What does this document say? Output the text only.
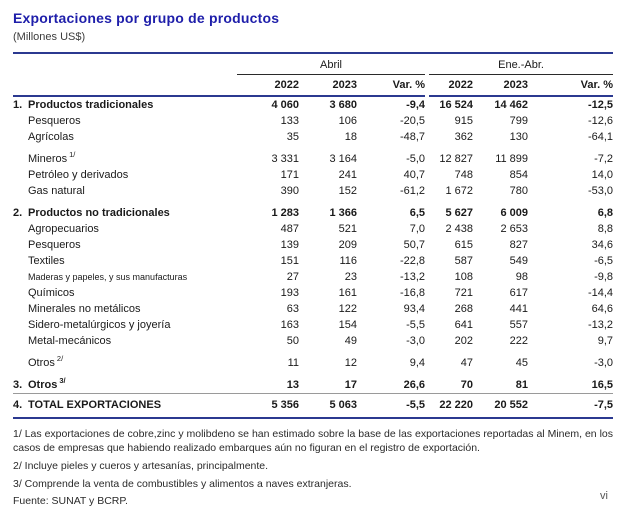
Exportaciones por grupo de productos
(Millones US$)
	Abril				Ene.-Abr.		
	2022	2023	Var. %		2022	2023	Var. %
1. Productos tradicionales	4 060	3 680	-9,4		16 524	14 462	-12,5
Pesqueros	133	106	-20,5		915	799	-12,6
Agrícolas	35	18	-48,7		362	130	-64,1
Mineros $^{1/}$	3 331	3 164	-5,0		12 827	11 899	-7,2
Petróleo y derivados	171	241	40,7		748	854	14,0
Gas natural	390	152	-61,2		1 672	780	-53,0
2. Productos no tradicionales	1 283	1 366	6,5		5 627	6 009	6,8
Agropecuarios	487	521	7,0		2 438	2 653	8,8
Pesqueros	139	209	50,7		615	827	34,6
Textiles	151	116	-22,8		587	549	-6,5
Maderas y papeles, y sus manufacturas	27	23	-13,2		108	98	-9,8
Químicos	193	161	-16,8		721	617	-14,4
Minerales no metálicos	63	122	93,4		268	441	64,6
Sidero-metalúrgicos y joyería	163	154	-5,5		641	557	-13,2
Metal-mecánicos	50	49	-3,0		202	222	9,7
Otros $^{2/}$	11	12	9,4		47	45	-3,0
3. Otros $^{3/}$	13	17	26,6		70	81	16,5
4. TOTAL EXPORTACIONES	5 356	5 063	-5,5		22 220	20 552	-7,5

1/ Las exportaciones de cobre,zinc y molibdeno se han estimado sobre la base de las exportaciones reportadas al Minem, en los casos de empresas que habiendo realizado embarques aún no figuran en el registro de exportación.

2/ Incluye pieles y cueros y artesanías, principalmente.

3/ Comprende la venta de combustibles y alimentos a naves extranjeras.

Fuente: SUNAT y BCRP.	vi
